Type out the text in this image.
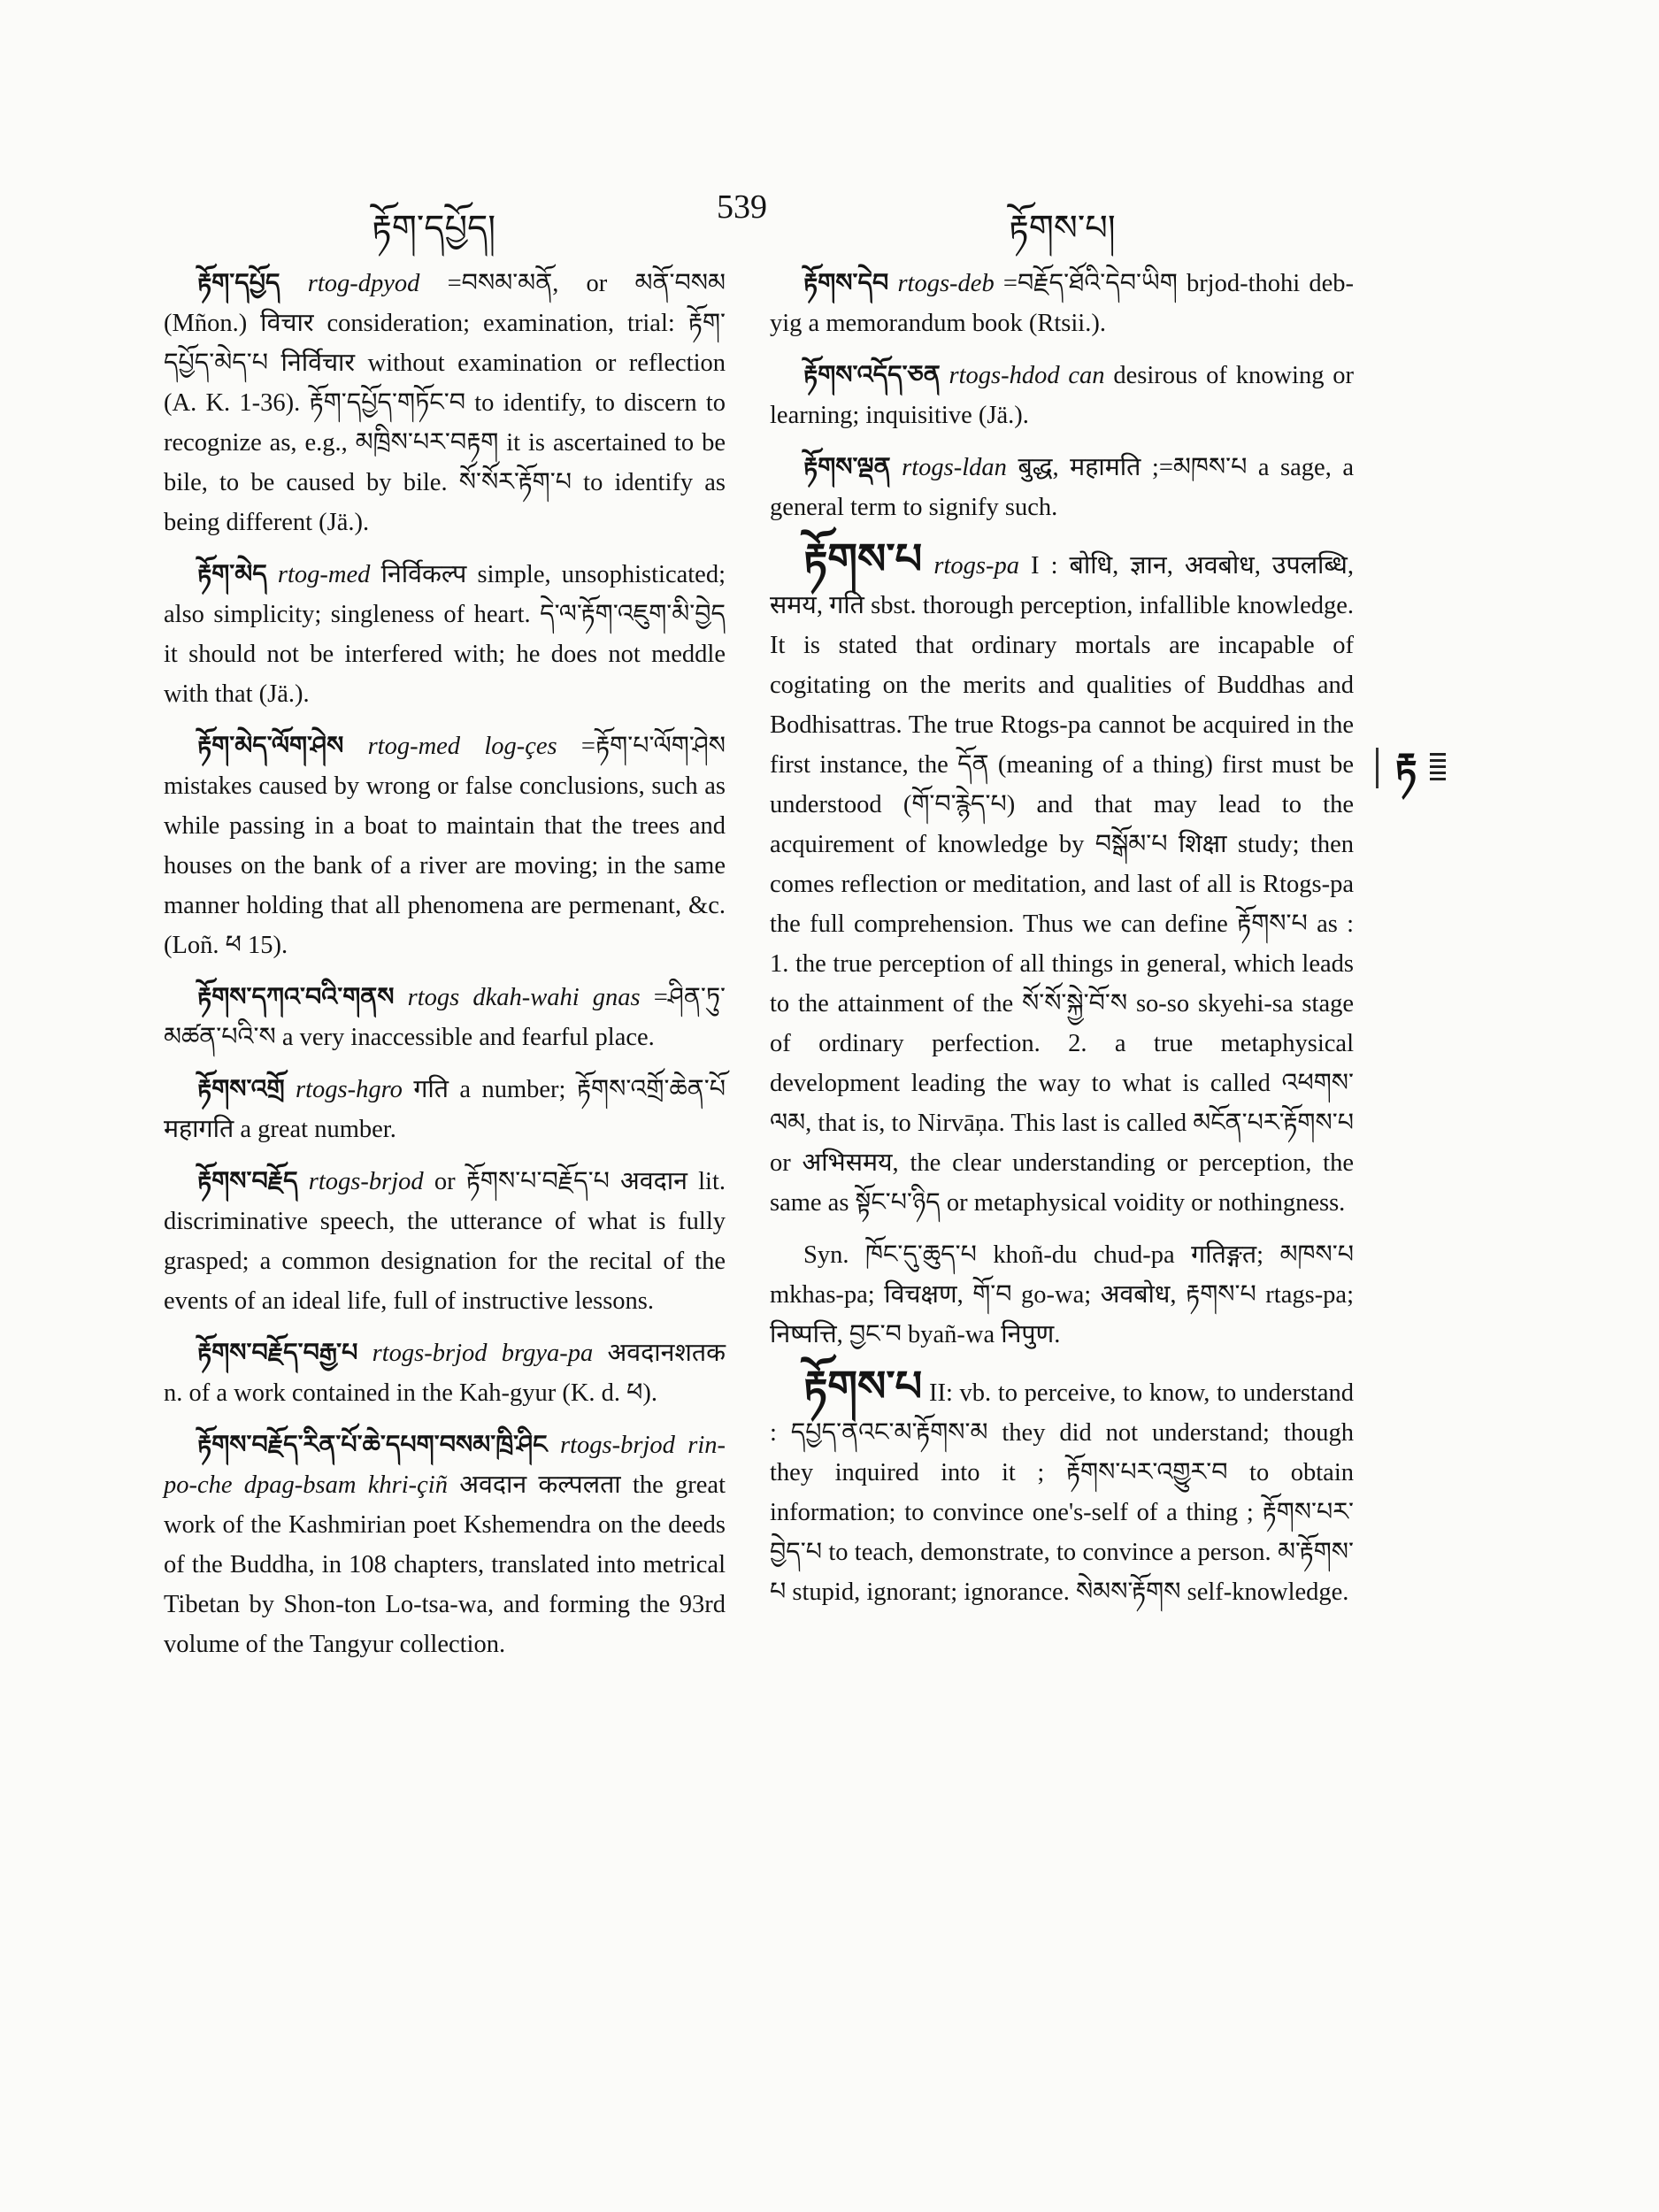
རྟོག་དཔྱོད།
539
རྟོགས་པ།
རྟ

རྟོག་དཔྱོད rtog-dpyod =བསམ་མནོ, or མནོ་བསམ (Mñon.) विचार consideration; examination, trial: རྟོག་དཔྱོད་མེད་པ निर्विचार without examination or reflection (A. K. 1-36). རྟོག་དཔྱོད་གཏོང་བ to identify, to discern to recognize as, e.g., མཁྲིས་པར་བརྟག it is ascertained to be bile, to be caused by bile. སོ་སོར་རྟོག་པ to identify as being different (Jä.).

རྟོག་མེད rtog-med निर्विकल्प simple, unsophisticated; also simplicity; singleness of heart. དེ་ལ་རྟོག་འཇུག་མི་བྱེད it should not be interfered with; he does not meddle with that (Jä.).

རྟོག་མེད་ལོག་ཤེས rtog-med log-çes =རྟོག་པ་ལོག་ཤེས mistakes caused by wrong or false conclusions, such as while passing in a boat to maintain that the trees and houses on the bank of a river are moving; in the same manner holding that all phenomena are permenant, &c. (Loñ. ཕ 15).

རྟོགས་དཀའ་བའི་གནས rtogs dkah-wahi gnas =ཤིན་ཏུ་མཚན་པའི་ས a very inaccessible and fearful place.

རྟོགས་འགྲོ rtogs-hgro गति a number; རྟོགས་འགྲོ་ཆེན་པོ महागति a great number.

རྟོགས་བརྗོད rtogs-brjod or རྟོགས་པ་བརྗོད་པ अवदान lit. discriminative speech, the utterance of what is fully grasped; a common designation for the recital of the events of an ideal life, full of instructive lessons.

རྟོགས་བརྗོད་བརྒྱ་པ rtogs-brjod brgya-pa अवदानशतक n. of a work contained in the Kah-gyur (K. d. ཕ).

རྟོགས་བརྗོད་རིན་པོ་ཆེ་དཔག་བསམ་ཁྲི་ཤིང rtogs-brjod rin-po-che dpag-bsam khri-çiñ अवदान कल्पलता the great work of the Kashmirian poet Kshemendra on the deeds of the Buddha, in 108 chapters, translated into metrical Tibetan by Shon-ton Lo-tsa-wa, and forming the 93rd volume of the Tangyur collection.

རྟོགས་དེབ rtogs-deb =བརྗོད་ཐོའི་དེབ་ཡིག brjod-thohi deb-yig a memorandum book (Rtsii.).

རྟོགས་འདོད་ཅན rtogs-hdod can desirous of knowing or learning; inquisitive (Jä.).

རྟོགས་ལྡན rtogs-ldan बुद्ध, महामति ;=མཁས་པ a sage, a general term to signify such.

རྟོགས་པ rtogs-pa I : बोधि, ज्ञान, अवबोध, उपलब्धि, समय, गति sbst. thorough perception, infallible knowledge. It is stated that ordinary mortals are incapable of cogitating on the merits and qualities of Buddhas and Bodhisattras. The true Rtogs-pa cannot be acquired in the first instance, the དོན (meaning of a thing) first must be understood (གོ་བ་རྙེད་པ) and that may lead to the acquirement of knowledge by བསྒོམ་པ शिक्षा study; then comes reflection or meditation, and last of all is Rtogs-pa the full comprehension. Thus we can define རྟོགས་པ as : 1. the true perception of all things in general, which leads to the attainment of the སོ་སོ་སྐྱེ་བོ་ས so-so skyehi-sa stage of ordinary perfection. 2. a true metaphysical development leading the way to what is called འཕགས་ལམ, that is, to Nirvāņa. This last is called མངོན་པར་རྟོགས་པ or अभिसमय, the clear understanding or perception, the same as སྟོང་པ་ཉིད or metaphysical voidity or nothingness.

Syn. ཁོང་དུ་ཆུད་པ khoñ-du chud-pa गतिङ्गत; མཁས་པ mkhas-pa; विचक्षण, གོ་བ go-wa; अवबोध, རྟགས་པ rtags-pa; निष्पत्ति, བྱང་བ byañ-wa निपुण.

རྟོགས་པ II: vb. to perceive, to know, to understand : དཔྱད་ནའང་མ་རྟོགས་མ they did not understand; though they inquired into it ; རྟོགས་པར་འགྱུར་བ to obtain information; to convince one's-self of a thing ; རྟོགས་པར་བྱེད་པ to teach, demonstrate, to convince a person. མ་རྟོགས་པ stupid, ignorant; ignorance. སེམས་རྟོགས self-knowledge.
